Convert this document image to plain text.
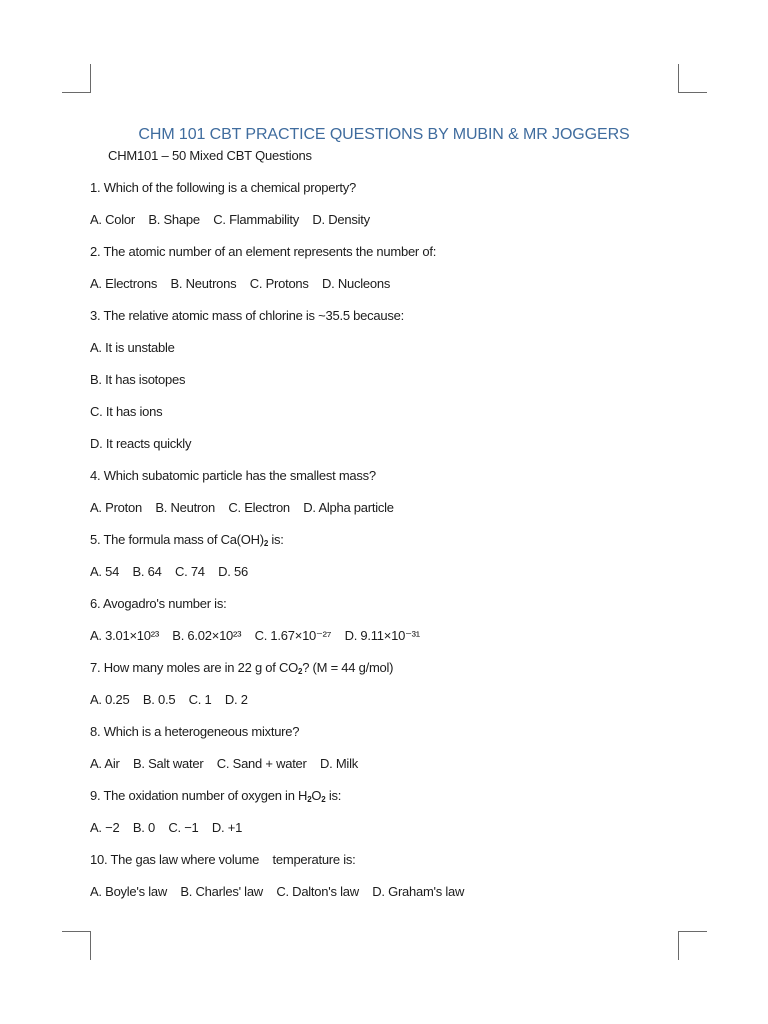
CHM 101 CBT PRACTICE QUESTIONS BY MUBIN & MR JOGGERS
CHM101 – 50 Mixed CBT Questions
1. Which of the following is a chemical property?
A. Color B. Shape C. Flammability D. Density
2. The atomic number of an element represents the number of:
A. Electrons B. Neutrons C. Protons D. Nucleons
3. The relative atomic mass of chlorine is ~35.5 because:
A. It is unstable
B. It has isotopes
C. It has ions
D. It reacts quickly
4. Which subatomic particle has the smallest mass?
A. Proton B. Neutron C. Electron D. Alpha particle
5. The formula mass of $Ca(OH)_2$ is:
A. 54 B. 64 C. 74 D. 56
6. Avogadro's number is:
A. 3.01×10²³ B. 6.02×10²³ C. 1.67×10⁻²⁷ D. 9.11×10⁻³¹
7. How many moles are in 22 g of $CO_2$? (M = 44 g/mol)
A. 0.25 B. 0.5 C. 1 D. 2
8. Which is a heterogeneous mixture?
A. Air B. Salt water C. Sand + water D. Milk
9. The oxidation number of oxygen in $H_2O_2$ is:
A. −2 B. 0 C. −1 D. +1
10. The gas law where volume    temperature is:
A. Boyle's law B. Charles' law C. Dalton's law D. Graham's law
